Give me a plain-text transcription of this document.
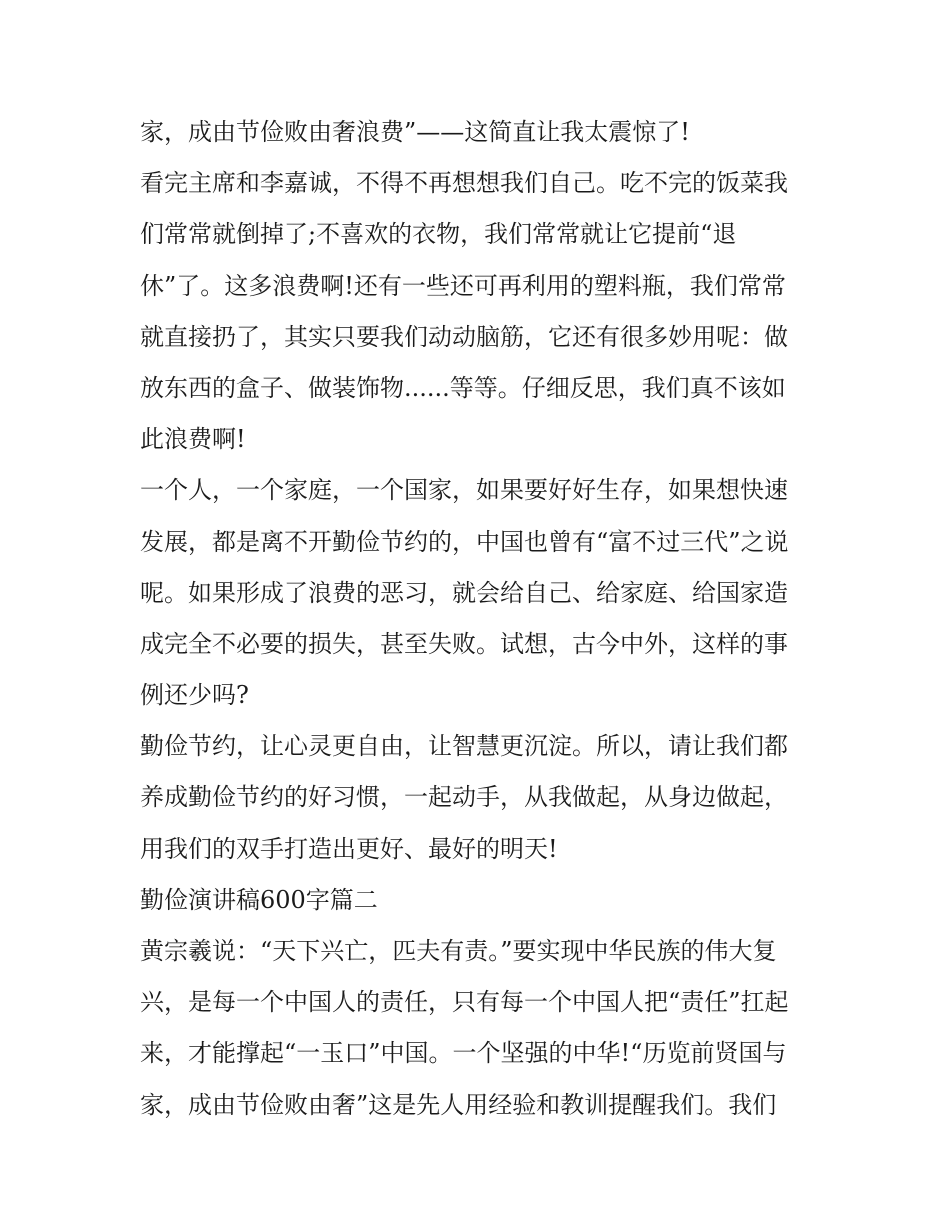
家，成由节俭败由奢浪费”——这简直让我太震惊了!
看完主席和李嘉诚，不得不再想想我们自己。吃不完的饭菜我
们常常就倒掉了;不喜欢的衣物，我们常常就让它提前“退
休”了。这多浪费啊!还有一些还可再利用的塑料瓶，我们常常
就直接扔了，其实只要我们动动脑筋，它还有很多妙用呢：做
放东西的盒子、做装饰物......等等。仔细反思，我们真不该如
此浪费啊!
一个人，一个家庭，一个国家，如果要好好生存，如果想快速
发展，都是离不开勤俭节约的，中国也曾有“富不过三代”之说
呢。如果形成了浪费的恶习，就会给自己、给家庭、给国家造
成完全不必要的损失，甚至失败。试想，古今中外，这样的事
例还少吗?
勤俭节约，让心灵更自由，让智慧更沉淀。所以，请让我们都
养成勤俭节约的好习惯，一起动手，从我做起，从身边做起，
用我们的双手打造出更好、最好的明天!
勤俭演讲稿600字篇二
黄宗羲说：“天下兴亡，匹夫有责。”要实现中华民族的伟大复
兴，是每一个中国人的责任，只有每一个中国人把“责任”扛起
来，才能撑起“一玉口”中国。一个坚强的中华!“历览前贤国与
家，成由节俭败由奢”这是先人用经验和教训提醒我们。我们
